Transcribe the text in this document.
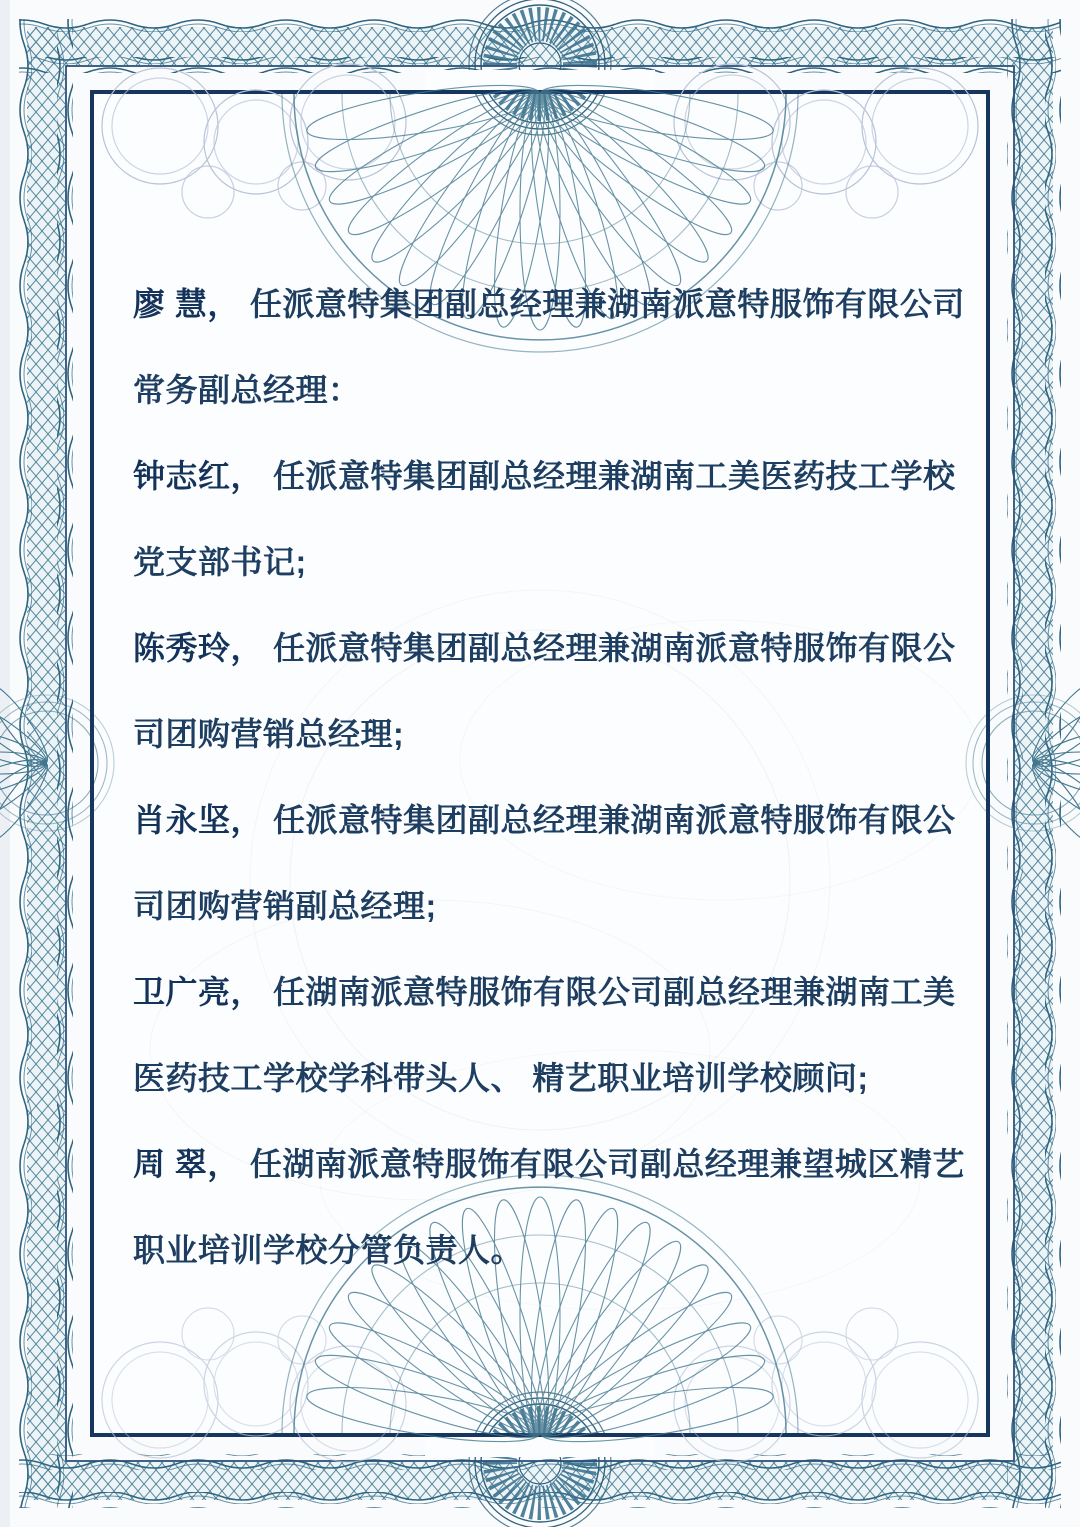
廖 慧， 任派意特集团副总经理兼湖南派意特服饰有限公司
常务副总经理：
钟志红， 任派意特集团副总经理兼湖南工美医药技工学校
党支部书记;
陈秀玲， 任派意特集团副总经理兼湖南派意特服饰有限公
司团购营销总经理;
肖永坚， 任派意特集团副总经理兼湖南派意特服饰有限公
司团购营销副总经理;
卫广亮， 任湖南派意特服饰有限公司副总经理兼湖南工美
医药技工学校学科带头人、 精艺职业培训学校顾问;
周 翠， 任湖南派意特服饰有限公司副总经理兼望城区精艺
职业培训学校分管负责人。
